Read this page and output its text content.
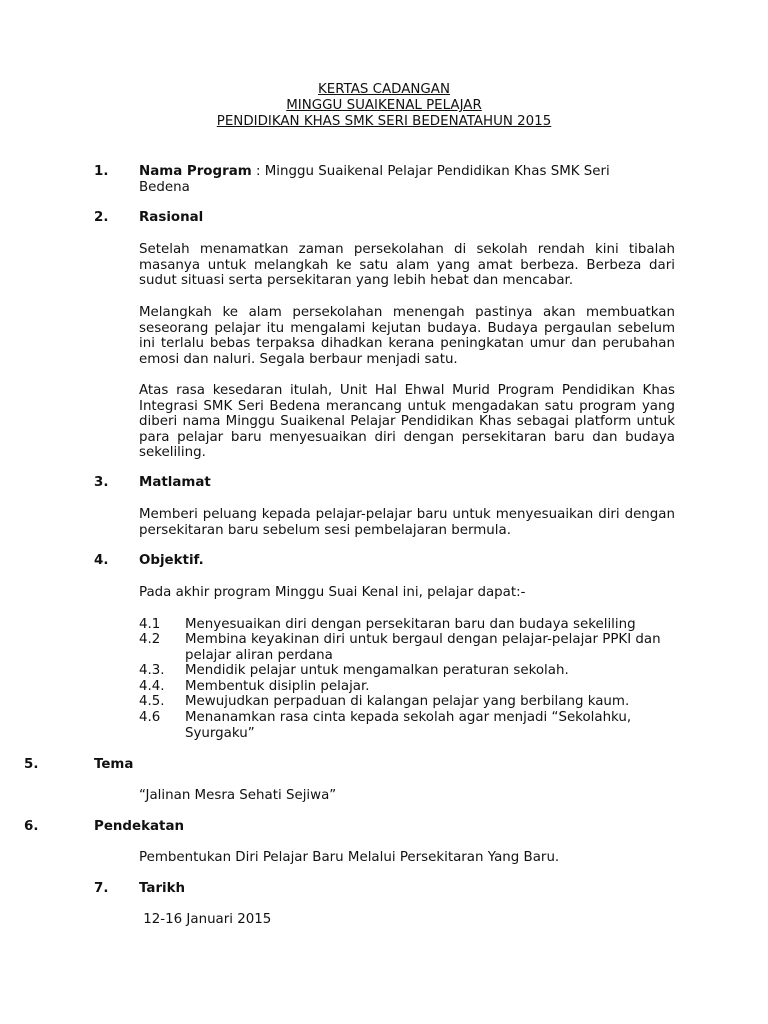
KERTAS CADANGAN
MINGGU SUAIKENAL PELAJAR
PENDIDIKAN KHAS SMK SERI BEDENATAHUN 2015
1. Nama Program : Minggu Suaikenal Pelajar Pendidikan Khas SMK Seri
Bedena
2. Rasional
Setelah menamatkan zaman persekolahan di sekolah rendah kini tibalah masanya untuk melangkah ke satu alam yang amat berbeza. Berbeza dari sudut situasi serta persekitaran yang lebih hebat dan mencabar.
Melangkah ke alam persekolahan menengah pastinya akan membuatkan seseorang pelajar itu mengalami kejutan budaya. Budaya pergaulan sebelum ini terlalu bebas terpaksa dihadkan kerana peningkatan umur dan perubahan emosi dan naluri. Segala berbaur menjadi satu.
Atas rasa kesedaran itulah, Unit Hal Ehwal Murid Program Pendidikan Khas Integrasi SMK Seri Bedena merancang untuk mengadakan satu program yang diberi nama Minggu Suaikenal Pelajar Pendidikan Khas sebagai platform untuk para pelajar baru menyesuaikan diri dengan persekitaran baru dan budaya sekeliling.
3. Matlamat
Memberi peluang kepada pelajar-pelajar baru untuk menyesuaikan diri dengan persekitaran baru sebelum sesi pembelajaran bermula.
4. Objektif.
Pada akhir program Minggu Suai Kenal ini, pelajar dapat:-
4.1 Menyesuaikan diri dengan persekitaran baru dan budaya sekeliling
4.2 Membina keyakinan diri untuk bergaul dengan pelajar-pelajar PPKI dan pelajar aliran perdana
4.3. Mendidik pelajar untuk mengamalkan peraturan sekolah.
4.4. Membentuk disiplin pelajar.
4.5. Mewujudkan perpaduan di kalangan pelajar yang berbilang kaum.
4.6 Menanamkan rasa cinta kepada sekolah agar menjadi “Sekolahku, Syurgaku”
5.	Tema
“Jalinan Mesra Sehati Sejiwa”
6.	Pendekatan
Pembentukan Diri Pelajar Baru Melalui Persekitaran Yang Baru.
7. Tarikh
12-16 Januari 2015
